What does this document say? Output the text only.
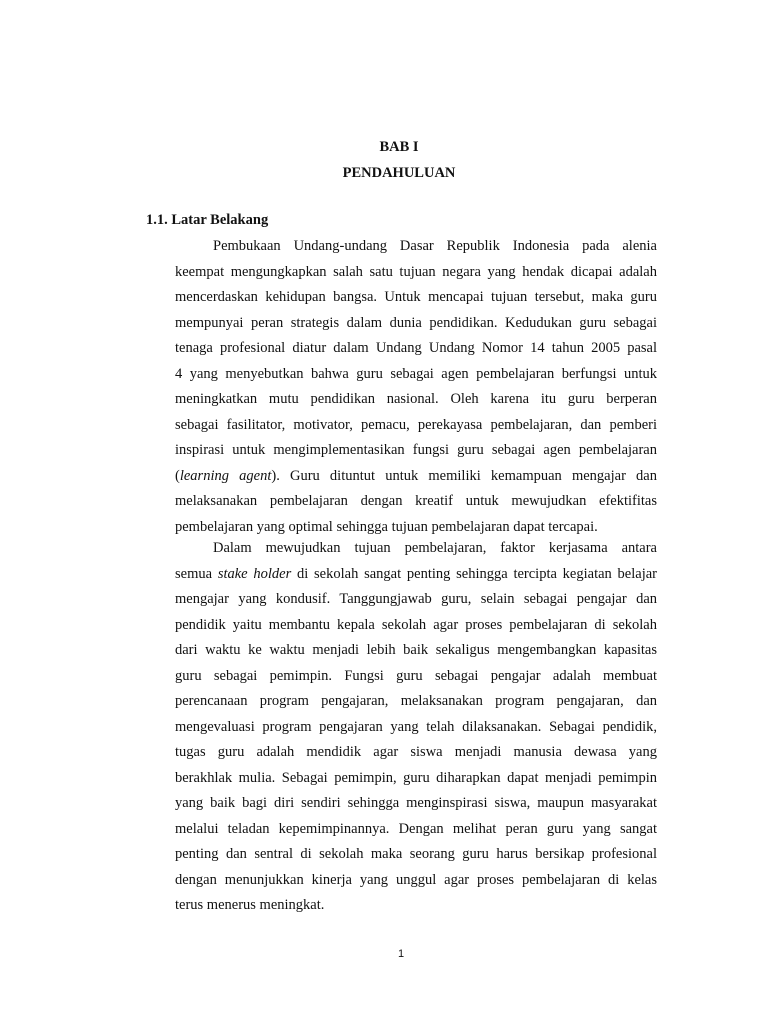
BAB I
PENDAHULUAN
1.1. Latar Belakang
Pembukaan Undang-undang Dasar Republik Indonesia pada alenia
keempat mengungkapkan salah satu tujuan negara yang hendak dicapai adalah
mencerdaskan kehidupan bangsa. Untuk mencapai tujuan tersebut, maka guru
mempunyai peran strategis dalam dunia pendidikan. Kedudukan guru sebagai
tenaga profesional diatur dalam Undang Undang Nomor 14 tahun 2005 pasal
4 yang menyebutkan bahwa guru sebagai agen pembelajaran berfungsi untuk
meningkatkan mutu pendidikan nasional. Oleh karena itu guru berperan
sebagai fasilitator, motivator, pemacu, perekayasa pembelajaran, dan pemberi
inspirasi untuk mengimplementasikan fungsi guru sebagai agen pembelajaran
(learning agent). Guru dituntut untuk memiliki kemampuan mengajar dan
melaksanakan pembelajaran dengan kreatif untuk mewujudkan efektifitas
pembelajaran yang optimal sehingga tujuan pembelajaran dapat tercapai.
Dalam mewujudkan tujuan pembelajaran, faktor kerjasama antara
semua stake holder di sekolah sangat penting sehingga tercipta kegiatan belajar
mengajar yang kondusif. Tanggungjawab guru, selain sebagai pengajar dan
pendidik yaitu membantu kepala sekolah agar proses pembelajaran di sekolah
dari waktu ke waktu menjadi lebih baik sekaligus mengembangkan kapasitas
guru sebagai pemimpin. Fungsi guru sebagai pengajar adalah membuat
perencanaan program pengajaran, melaksanakan program pengajaran, dan
mengevaluasi program pengajaran yang telah dilaksanakan. Sebagai pendidik,
tugas guru adalah mendidik agar siswa menjadi manusia dewasa yang
berakhlak mulia. Sebagai pemimpin, guru diharapkan dapat menjadi pemimpin
yang baik bagi diri sendiri sehingga menginspirasi siswa, maupun masyarakat
melalui teladan kepemimpinannya. Dengan melihat peran guru yang sangat
penting dan sentral di sekolah maka seorang guru harus bersikap profesional
dengan menunjukkan kinerja yang unggul agar proses pembelajaran di kelas
terus menerus meningkat.
1
